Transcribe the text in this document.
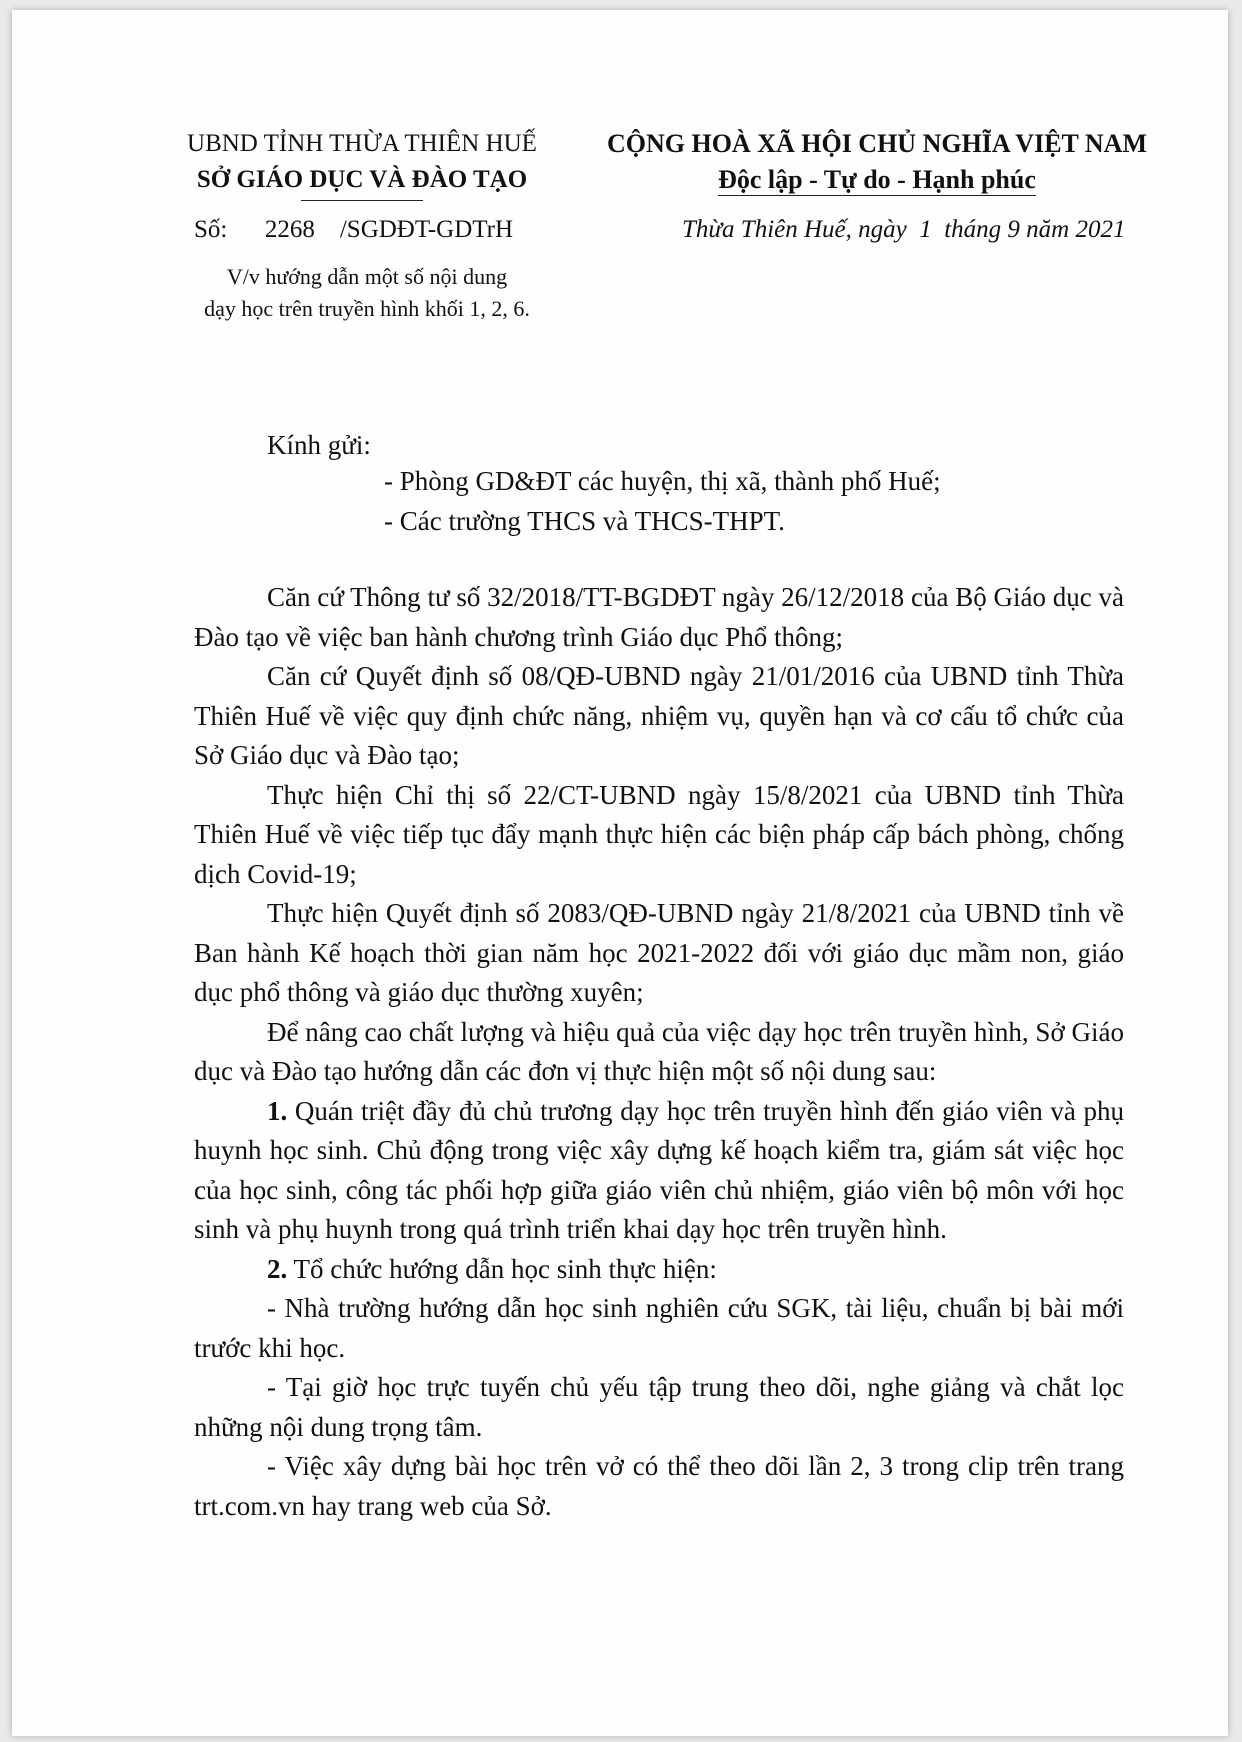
UBND TỈNH THỪA THIÊN HUẾ
SỞ GIÁO DỤC VÀ ĐÀO TẠO
CỘNG HOÀ XÃ HỘI CHỦ NGHĨA VIỆT NAM
Độc lập - Tự do - Hạnh phúc
Số:      2268    /SGDĐT-GDTrH	Thừa Thiên Huế, ngày  1  tháng 9 năm 2021
V/v hướng dẫn một số nội dung
dạy học trên truyền hình khối 1, 2, 6.
Kính gửi:
- Phòng GD&ĐT các huyện, thị xã, thành phố Huế;
- Các trường THCS và THCS-THPT.

Căn cứ Thông tư số 32/2018/TT-BGDĐT ngày 26/12/2018 của Bộ Giáo dục và Đào tạo về việc ban hành chương trình Giáo dục Phổ thông;

Căn cứ Quyết định số 08/QĐ-UBND ngày 21/01/2016 của UBND tỉnh Thừa Thiên Huế về việc quy định chức năng, nhiệm vụ, quyền hạn và cơ cấu tổ chức của Sở Giáo dục và Đào tạo;

Thực hiện Chỉ thị số 22/CT-UBND ngày 15/8/2021 của UBND tỉnh Thừa Thiên Huế về việc tiếp tục đẩy mạnh thực hiện các biện pháp cấp bách phòng, chống dịch Covid-19;

Thực hiện Quyết định số 2083/QĐ-UBND ngày 21/8/2021 của UBND tỉnh về Ban hành Kế hoạch thời gian năm học 2021-2022 đối với giáo dục mầm non, giáo dục phổ thông và giáo dục thường xuyên;

Để nâng cao chất lượng và hiệu quả của việc dạy học trên truyền hình, Sở Giáo dục và Đào tạo hướng dẫn các đơn vị thực hiện một số nội dung sau:

1. Quán triệt đầy đủ chủ trương dạy học trên truyền hình đến giáo viên và phụ huynh học sinh. Chủ động trong việc xây dựng kế hoạch kiểm tra, giám sát việc học của học sinh, công tác phối hợp giữa giáo viên chủ nhiệm, giáo viên bộ môn với học sinh và phụ huynh trong quá trình triển khai dạy học trên truyền hình.

2. Tổ chức hướng dẫn học sinh thực hiện:

- Nhà trường hướng dẫn học sinh nghiên cứu SGK, tài liệu, chuẩn bị bài mới trước khi học.

- Tại giờ học trực tuyến chủ yếu tập trung theo dõi, nghe giảng và chắt lọc những nội dung trọng tâm.

- Việc xây dựng bài học trên vở có thể theo dõi lần 2, 3 trong clip trên trang trt.com.vn hay trang web của Sở.
